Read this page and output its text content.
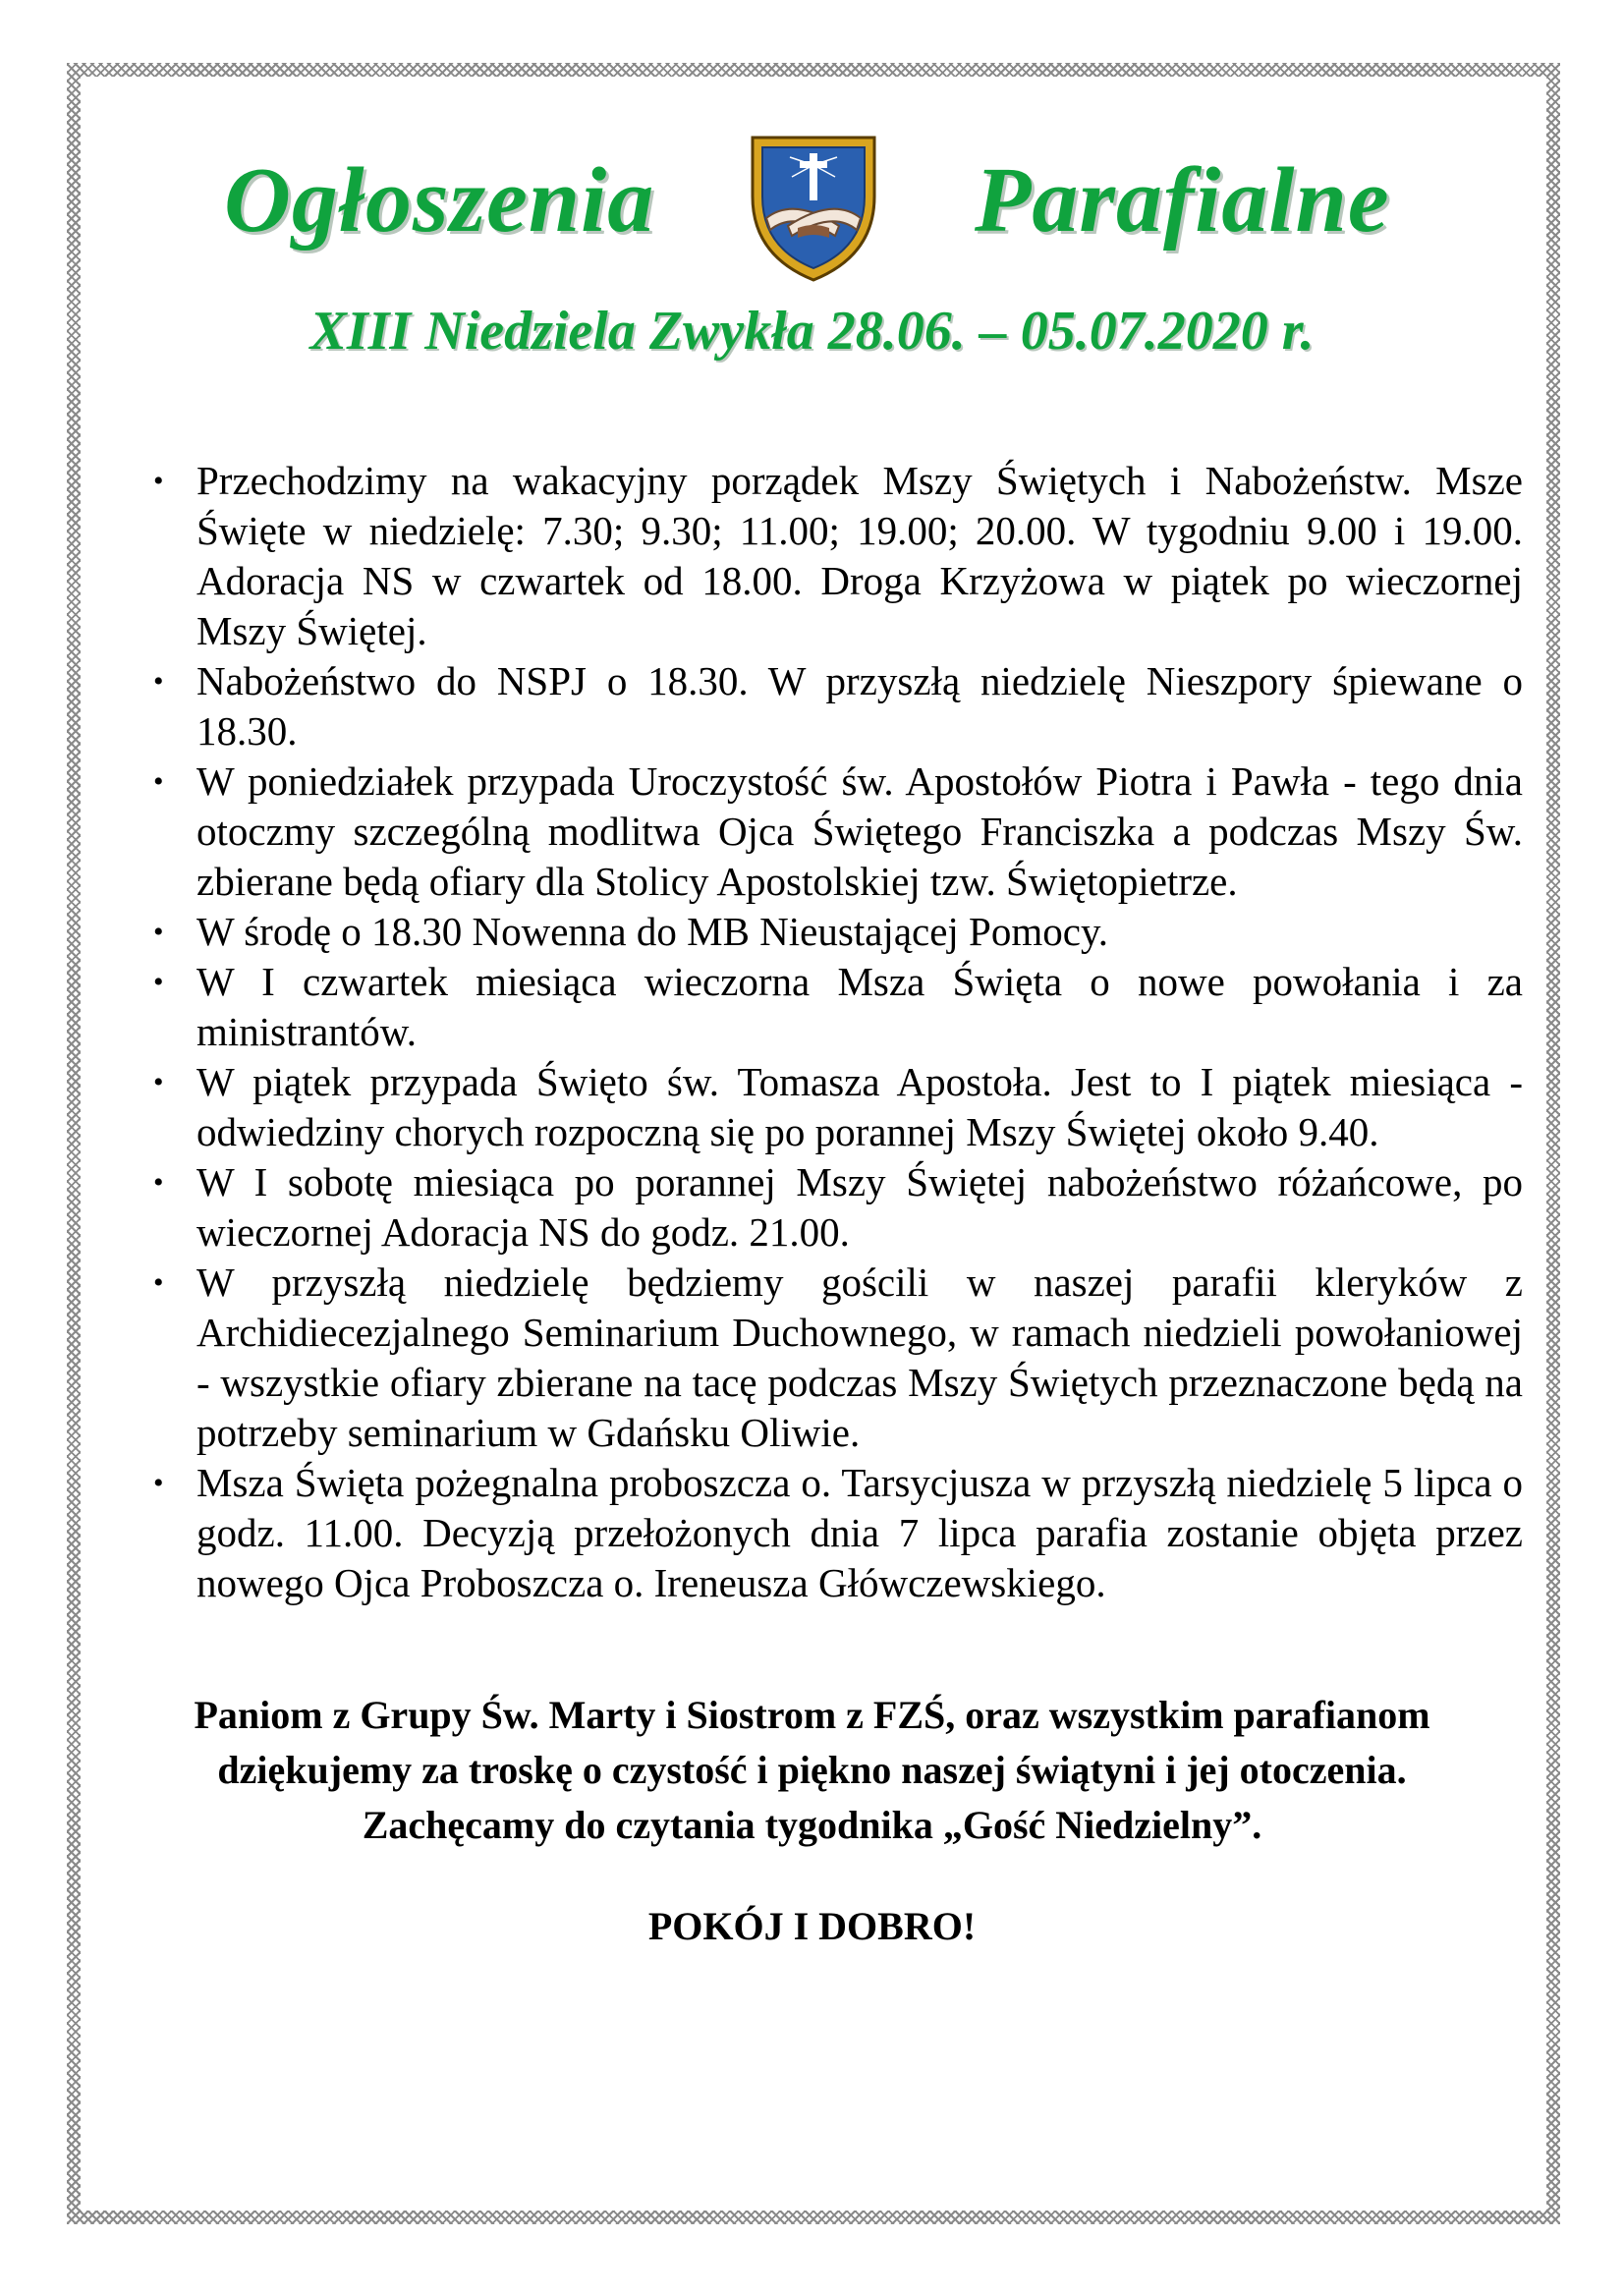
Ogłoszenia	Parafialne
XIII Niedziela Zwykła 28.06. – 05.07.2020 r.
• Przechodzimy na wakacyjny porządek Mszy Świętych i Nabożeństw. Msze Święte w niedzielę: 7.30; 9.30; 11.00; 19.00; 20.00. W tygodniu 9.00 i 19.00. Adoracja NS w czwartek od 18.00. Droga Krzyżowa w piątek po wieczornej Mszy Świętej.
• Nabożeństwo do NSPJ o 18.30. W przyszłą niedzielę Nieszpory śpiewane o 18.30.
• W poniedziałek przypada Uroczystość św. Apostołów Piotra i Pawła - tego dnia otoczmy szczególną modlitwa Ojca Świętego Franciszka a podczas Mszy Św. zbierane będą ofiary dla Stolicy Apostolskiej tzw. Świętopietrze.
• W środę o 18.30 Nowenna do MB Nieustającej Pomocy.
• W I czwartek miesiąca wieczorna Msza Święta o nowe powołania i za ministrantów.
• W piątek przypada Święto św. Tomasza Apostoła. Jest to I piątek miesiąca - odwiedziny chorych rozpoczną się po porannej Mszy Świętej około 9.40.
• W I sobotę miesiąca po porannej Mszy Świętej nabożeństwo różańcowe, po wieczornej Adoracja NS do godz. 21.00.
• W przyszłą niedzielę będziemy gościli w naszej parafii kleryków z Archidiecezjalnego Seminarium Duchownego, w ramach niedzieli powołaniowej - wszystkie ofiary zbierane na tacę podczas Mszy Świętych przeznaczone będą na potrzeby seminarium w Gdańsku Oliwie.
• Msza Święta pożegnalna proboszcza o. Tarsycjusza w przyszłą niedzielę 5 lipca o godz. 11.00. Decyzją przełożonych dnia 7 lipca parafia zostanie objęta przez nowego Ojca Proboszcza o. Ireneusza Główczewskiego.

Paniom z Grupy Św. Marty i Siostrom z FZŚ, oraz wszystkim parafianom

dziękujemy za troskę o czystość i piękno naszej świątyni i jej otoczenia.

Zachęcamy do czytania tygodnika „Gość Niedzielny”.

POKÓJ I DOBRO!
